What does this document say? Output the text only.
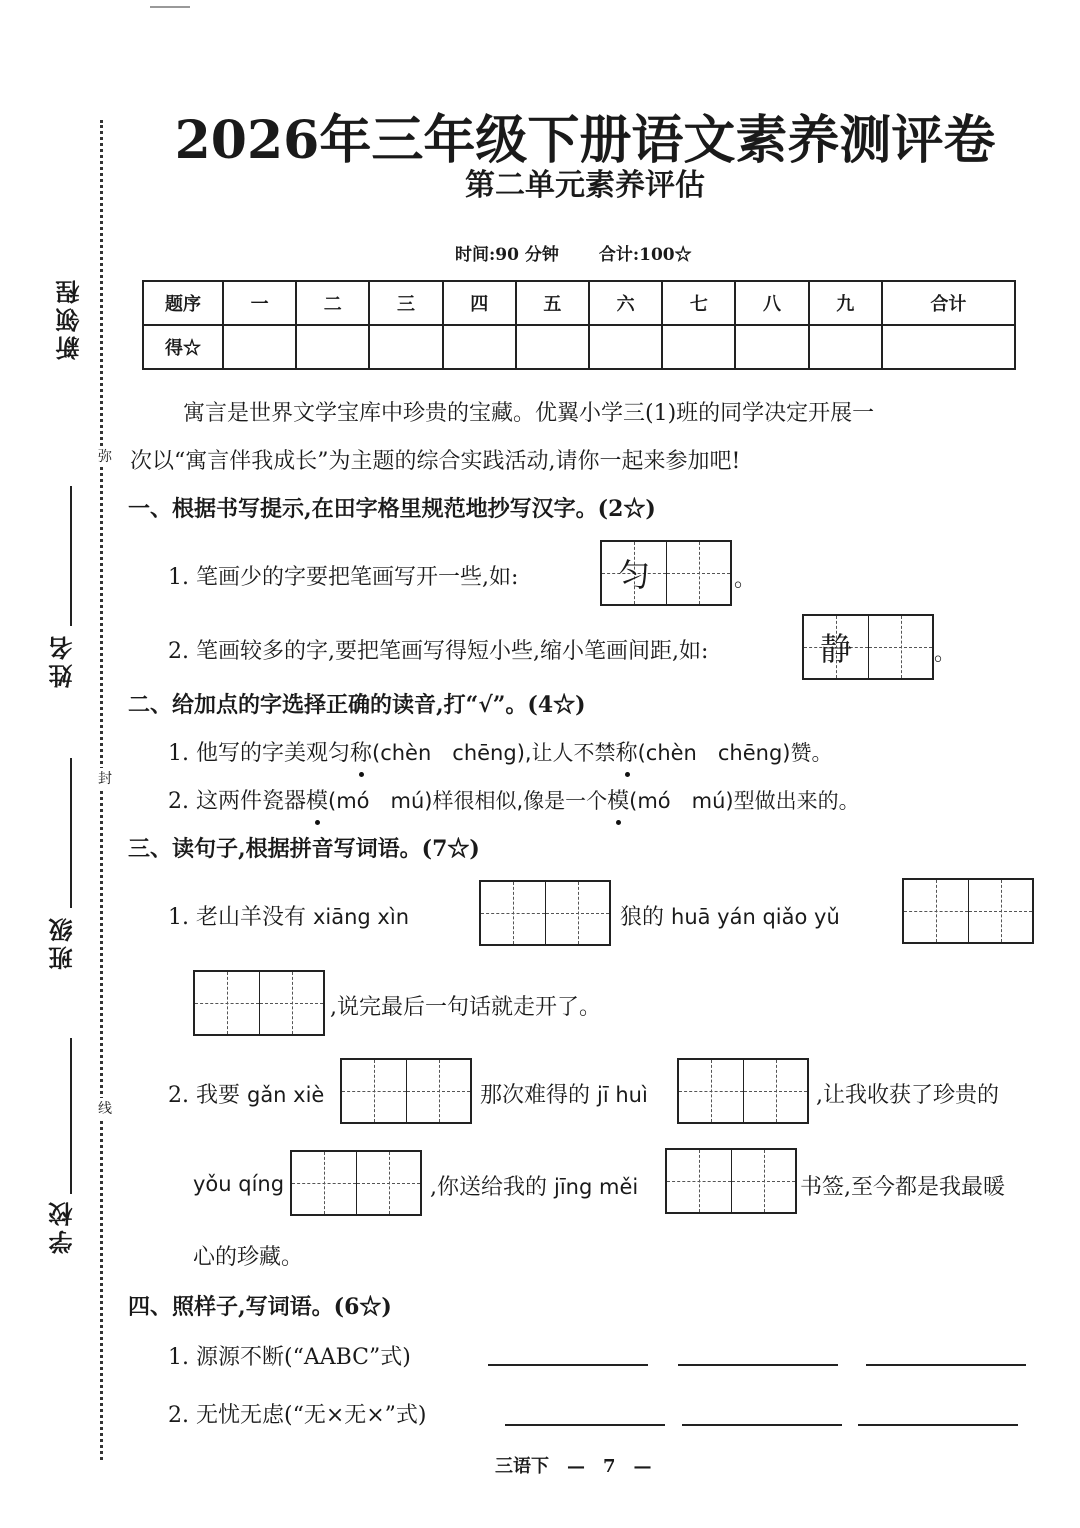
新领程
姓名
班级
学校
弥
封
线
2026年三年级下册语文素养测评卷
第二单元素养评估
时间:90 分钟 合计:100☆
题序	一	二	三	四	五	六	七	八	九	合计
得☆										
寓言是世界文学宝库中珍贵的宝藏。优翼小学三(1)班的同学决定开展一
次以“寓言伴我成长”为主题的综合实践活动,请你一起来参加吧!
一、根据书写提示,在田字格里规范地抄写汉字。(2☆)
1. 笔画少的字要把笔画写开一些,如:	匀	。
2. 笔画较多的字,要把笔画写得短小些,缩小笔画间距,如:	静	。
二、给加点的字选择正确的读音,打“√”。(4☆)
1. 他写的字美观匀称(chèn　chēng),让人不禁称(chèn　chēng)赞。
2. 这两件瓷器模(mó　mú)样很相似,像是一个模(mó　mú)型做出来的。
三、读句子,根据拼音写词语。(7☆)
1. 老山羊没有 xiāng xìn	狼的 huā yán qiǎo yǔ
,说完最后一句话就走开了。
2. 我要 gǎn xiè	那次难得的 jī huì	,让我收获了珍贵的
yǒu qíng	,你送给我的 jīng měi	书签,至今都是我最暖
心的珍藏。
四、照样子,写词语。(6☆)
1. 源源不断(“AABC”式)
2. 无忧无虑(“无×无×”式)
三语下　—　7　—
